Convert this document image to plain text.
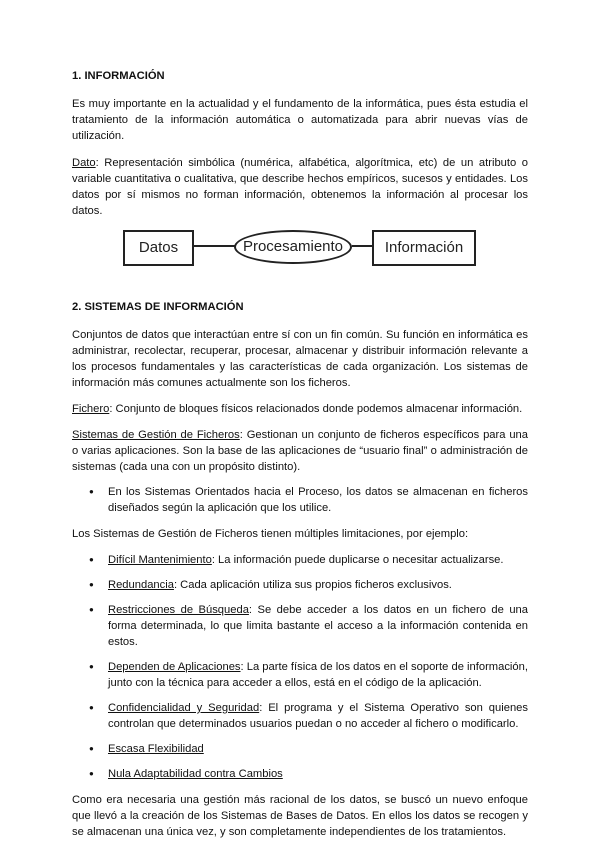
1. INFORMACIÓN

Es muy importante en la actualidad y el fundamento de la informática, pues ésta estudia el tratamiento de la información automática o automatizada para abrir nuevas vías de utilización.

Dato: Representación simbólica (numérica, alfabética, algorítmica, etc) de un atributo o variable cuantitativa o cualitativa, que describe hechos empíricos, sucesos y entidades. Los datos por sí mismos no forman información, obtenemos la información al procesar los datos.

Datos	Procesamiento	Información
2. SISTEMAS DE INFORMACIÓN

Conjuntos de datos que interactúan entre sí con un fin común. Su función en informática es administrar, recolectar, recuperar, procesar, almacenar y distribuir información relevante a los procesos fundamentales y las características de cada organización. Los sistemas de información más comunes actualmente son los ficheros.

Fichero: Conjunto de bloques físicos relacionados donde podemos almacenar información.

Sistemas de Gestión de Ficheros: Gestionan un conjunto de ficheros específicos para una o varias aplicaciones. Son la base de las aplicaciones de “usuario final” o administración de sistemas (cada una con un propósito distinto).

● En los Sistemas Orientados hacia el Proceso, los datos se almacenan en ficheros diseñados según la aplicación que los utilice.

Los Sistemas de Gestión de Ficheros tienen múltiples limitaciones, por ejemplo:

● Difícil Mantenimiento: La información puede duplicarse o necesitar actualizarse.
● Redundancia: Cada aplicación utiliza sus propios ficheros exclusivos.
● Restricciones de Búsqueda: Se debe acceder a los datos en un fichero de una forma determinada, lo que limita bastante el acceso a la información contenida en estos.
● Dependen de Aplicaciones: La parte física de los datos en el soporte de información, junto con la técnica para acceder a ellos, está en el código de la aplicación.
● Confidencialidad y Seguridad: El programa y el Sistema Operativo son quienes controlan que determinados usuarios puedan o no acceder al fichero o modificarlo.
● Escasa Flexibilidad
● Nula Adaptabilidad contra Cambios

Como era necesaria una gestión más racional de los datos, se buscó un nuevo enfoque que llevó a la creación de los Sistemas de Bases de Datos. En ellos los datos se recogen y se almacenan una única vez, y son completamente independientes de los tratamientos.
